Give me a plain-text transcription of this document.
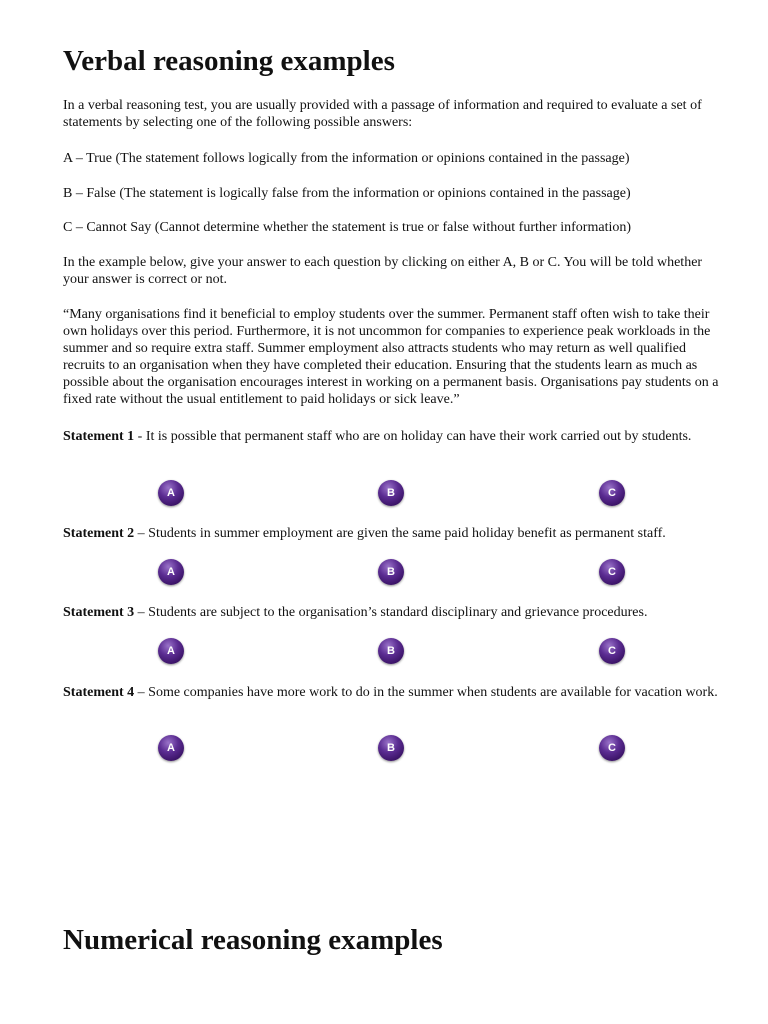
Verbal reasoning examples

In a verbal reasoning test, you are usually provided with a passage of information and required to evaluate a set of statements by selecting one of the following possible answers:

A – True (The statement follows logically from the information or opinions contained in the passage)

B – False (The statement is logically false from the information or opinions contained in the passage)

C – Cannot Say (Cannot determine whether the statement is true or false without further information)

In the example below, give your answer to each question by clicking on either A, B or C. You will be told whether your answer is correct or not.

“Many organisations find it beneficial to employ students over the summer. Permanent staff often wish to take their own holidays over this period. Furthermore, it is not uncommon for companies to experience peak workloads in the summer and so require extra staff. Summer employment also attracts students who may return as well qualified recruits to an organisation when they have completed their education. Ensuring that the students learn as much as possible about the organisation encourages interest in working on a permanent basis. Organisations pay students on a fixed rate without the usual entitlement to paid holidays or sick leave.”

Statement 1 - It is possible that permanent staff who are on holiday can have their work carried out by students.

A	B	C

Statement 2 – Students in summer employment are given the same paid holiday benefit as permanent staff.

A	B	C

Statement 3 – Students are subject to the organisation’s standard disciplinary and grievance procedures.

A	B	C

Statement 4 – Some companies have more work to do in the summer when students are available for vacation work.

A	B	C
Numerical reasoning examples
